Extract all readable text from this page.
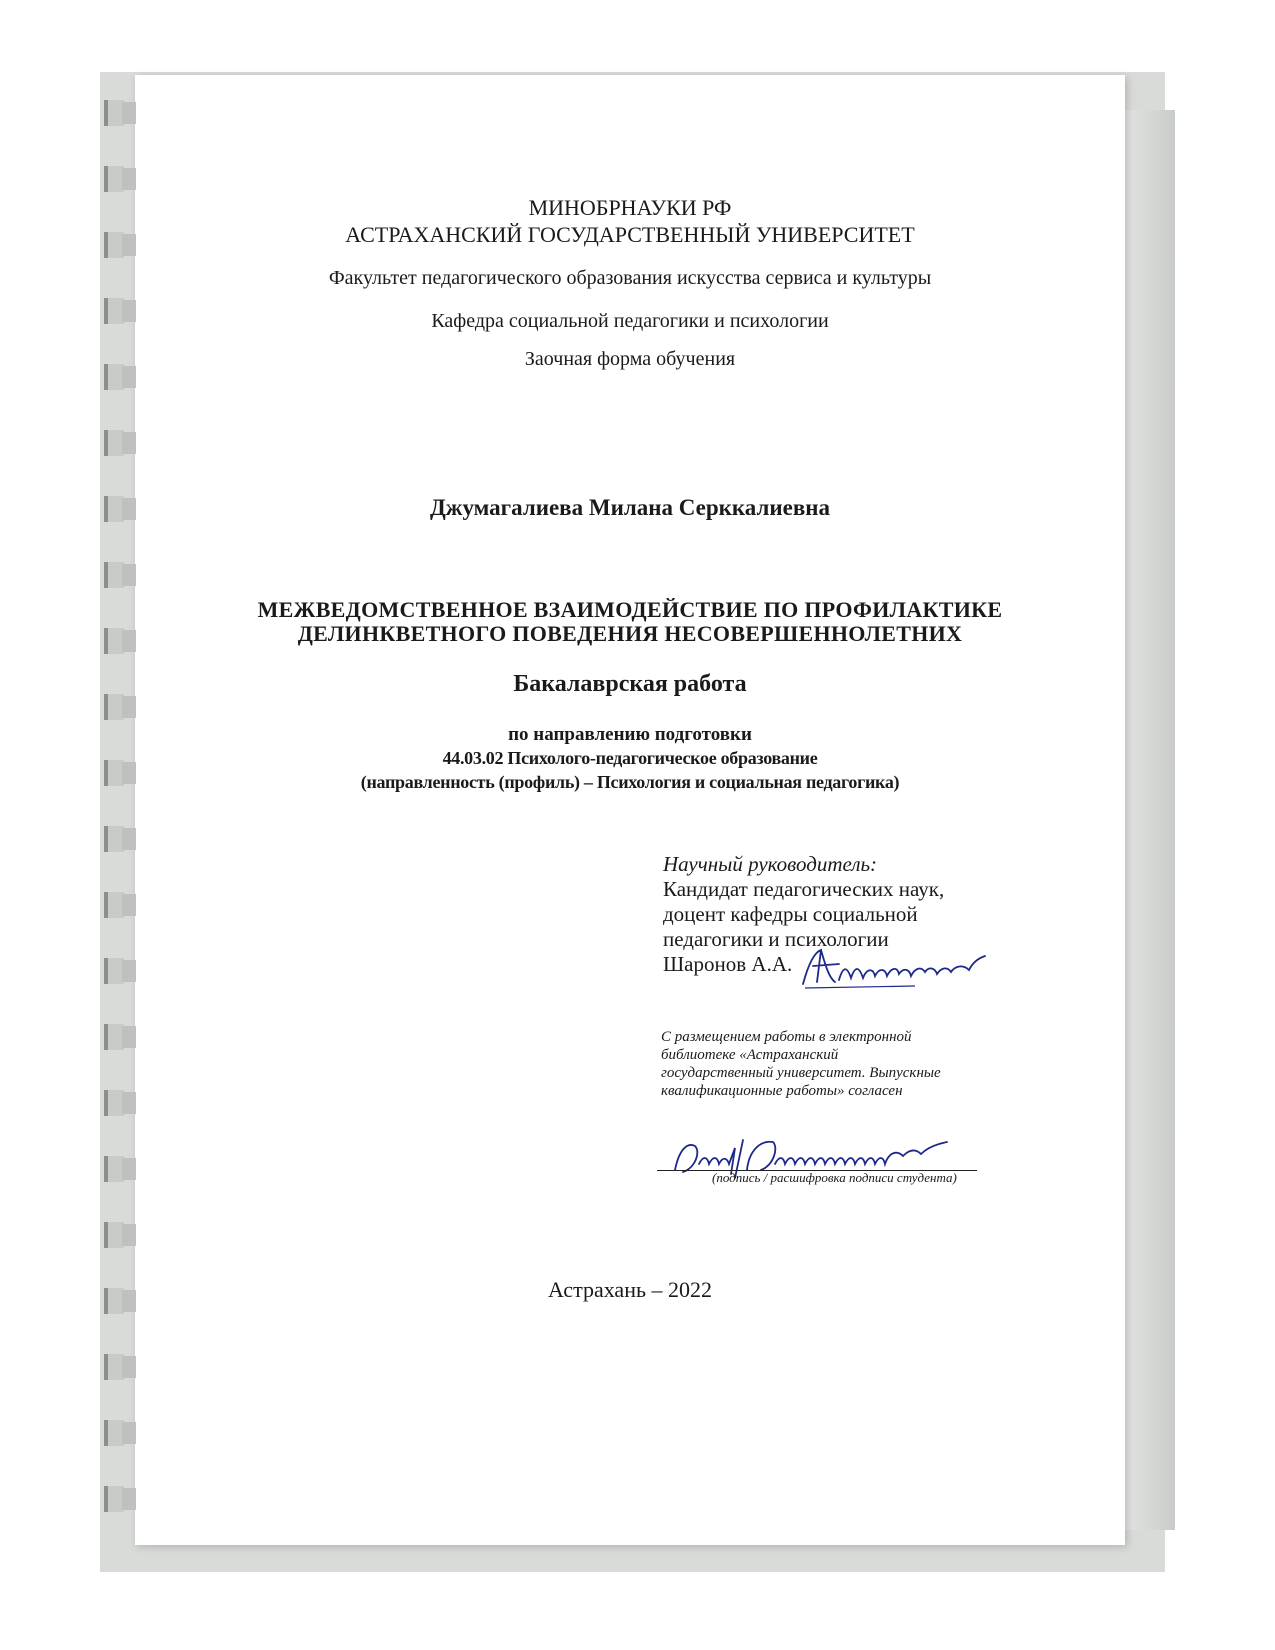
МИНОБРНАУКИ РФ
АСТРАХАНСКИЙ ГОСУДАРСТВЕННЫЙ УНИВЕРСИТЕТ
Факультет педагогического образования искусства сервиса и культуры
Кафедра социальной педагогики и психологии
Заочная форма обучения
Джумагалиева Милана Серккалиевна
МЕЖВЕДОМСТВЕННОЕ ВЗАИМОДЕЙСТВИЕ ПО ПРОФИЛАКТИКЕ
ДЕЛИНКВЕТНОГО ПОВЕДЕНИЯ НЕСОВЕРШЕННОЛЕТНИХ
Бакалаврская работа
по направлению подготовки
44.03.02 Психолого-педагогическое образование
(направленность (профиль) – Психология и социальная педагогика)
Научный руководитель:
Кандидат педагогических наук,
доцент кафедры социальной
педагогики и психологии
Шаронов А.А.
С размещением работы в электронной
библиотеке «Астраханский
государственный университет. Выпускные
квалификационные работы» согласен
(подпись / расшифровка подписи студента)
Астрахань – 2022
